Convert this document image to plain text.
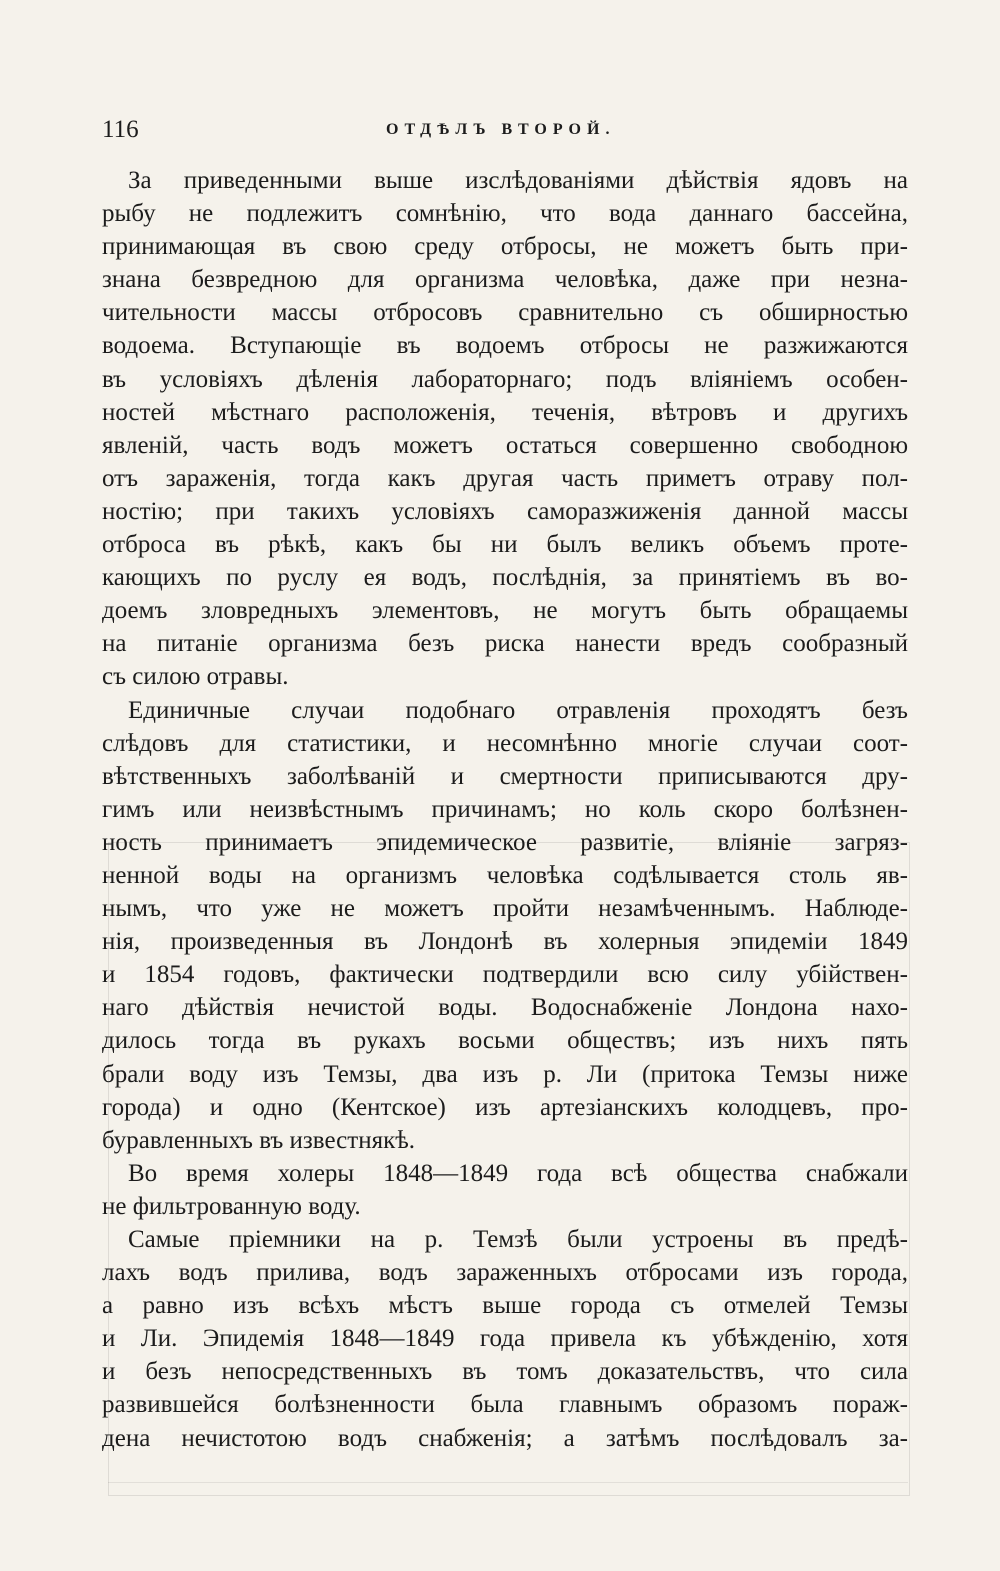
116	ОТДѢЛЪ ВТОРОЙ.
За приведенными выше изслѣдованіями дѣйствія ядовъ на
рыбу не подлежитъ сомнѣнію, что вода даннаго бассейна,
принимающая въ свою среду отбросы, не можетъ быть при-
знана безвредною для организма человѣка, даже при незна-
чительности массы отбросовъ сравнительно съ обширностью
водоема. Вступающіе въ водоемъ отбросы не разжижаются
въ условіяхъ дѣленія лабораторнаго; подъ вліяніемъ особен-
ностей мѣстнаго расположенія, теченія, вѣтровъ и другихъ
явленій, часть водъ можетъ остаться совершенно свободною
отъ зараженія, тогда какъ другая часть приметъ отраву пол-
ностію; при такихъ условіяхъ саморазжиженія данной массы
отброса въ рѣкѣ, какъ бы ни былъ великъ объемъ проте-
кающихъ по руслу ея водъ, послѣднія, за принятіемъ въ во-
доемъ зловредныхъ элементовъ, не могутъ быть обращаемы
на питаніе организма безъ риска нанести вредъ сообразный
съ силою отравы.
Единичные случаи подобнаго отравленія проходятъ безъ
слѣдовъ для статистики, и несомнѣнно многіе случаи соот-
вѣтственныхъ заболѣваній и смертности приписываются дру-
гимъ или неизвѣстнымъ причинамъ; но коль скоро болѣзнен-
ность принимаетъ эпидемическое развитіе, вліяніе загряз-
ненной воды на организмъ человѣка содѣлывается столь яв-
нымъ, что уже не можетъ пройти незамѣченнымъ. Наблюде-
нія, произведенныя въ Лондонѣ въ холерныя эпидеміи 1849
и 1854 годовъ, фактически подтвердили всю силу убійствен-
наго дѣйствія нечистой воды. Водоснабженіе Лондона нахо-
дилось тогда въ рукахъ восьми обществъ; изъ нихъ пять
брали воду изъ Темзы, два изъ р. Ли (притока Темзы ниже
города) и одно (Кентское) изъ артезіанскихъ колодцевъ, про-
буравленныхъ въ известнякѣ.
Во время холеры 1848—1849 года всѣ общества снабжали
не фильтрованную воду.
Самые пріемники на р. Темзѣ были устроены въ предѣ-
лахъ водъ прилива, водъ зараженныхъ отбросами изъ города,
а равно изъ всѣхъ мѣстъ выше города съ отмелей Темзы
и Ли. Эпидемія 1848—1849 года привела къ убѣжденію, хотя
и безъ непосредственныхъ въ томъ доказательствъ, что сила
развившейся болѣзненности была главнымъ образомъ пораж-
дена нечистотою водъ снабженія; а затѣмъ послѣдовалъ за-
